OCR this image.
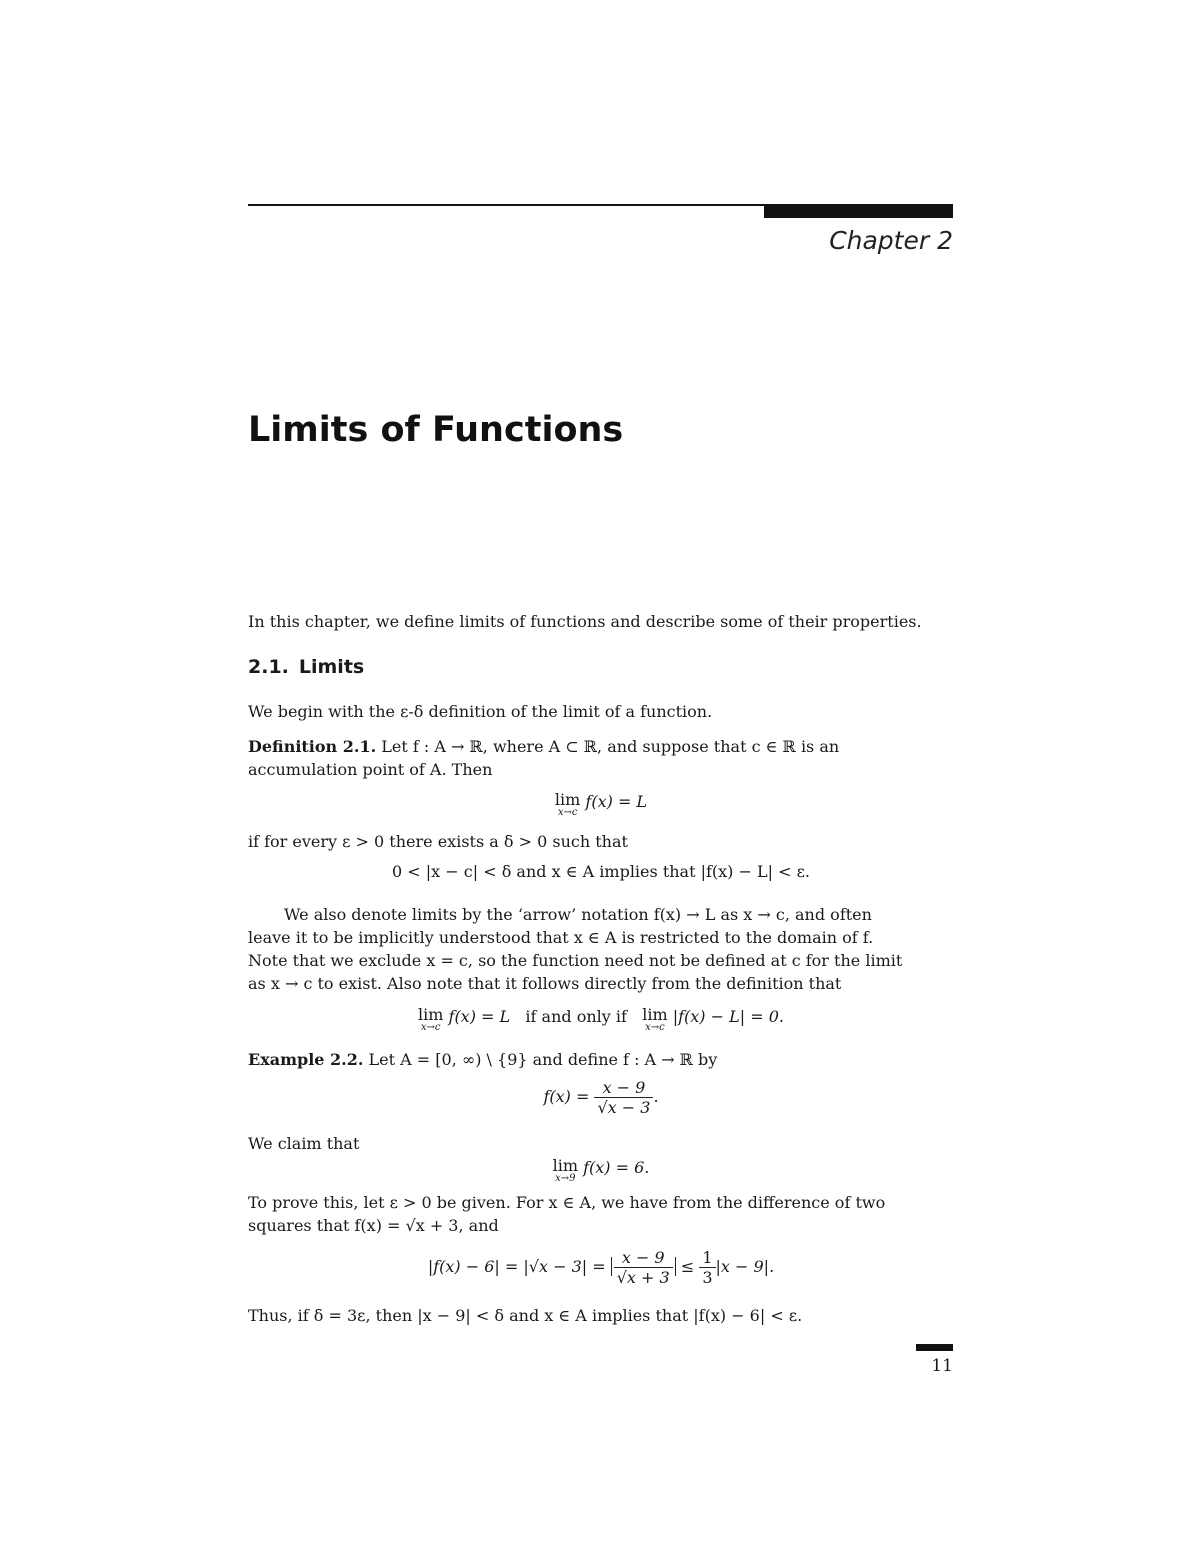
Chapter 2
Limits of Functions
In this chapter, we define limits of functions and describe some of their properties.
2.1. Limits
We begin with the ε-δ definition of the limit of a function.
Definition 2.1. Let f : A → ℝ, where A ⊂ ℝ, and suppose that c ∈ ℝ is an
accumulation point of A. Then
lim
x→c
f(x) = L
if for every ε > 0 there exists a δ > 0 such that
0 < |x − c| < δ and x ∈ A implies that |f(x) − L| < ε.
We also denote limits by the ‘arrow’ notation f(x) → L as x → c, and often
leave it to be implicitly understood that x ∈ A is restricted to the domain of f.
Note that we exclude x = c, so the function need not be defined at c for the limit
as x → c to exist. Also note that it follows directly from the definition that
lim
x→c
f(x) = L if and only if lim
x→c
|f(x) − L| = 0.
Example 2.2. Let A = [0, ∞) \ {9} and define f : A → ℝ by
$f(x) = \frac{x - 9}{√x - 3}$ .
We claim that
lim
x→9
f(x) = 6.
To prove this, let ε > 0 be given. For x ∈ A, we have from the difference of two
squares that f(x) = √x + 3, and
$|f(x) - 6| = |√x - 3| = \frac{x - 9}{√x + 3} \le \frac{1}{3} |x - 9|$.
Thus, if δ = 3ε, then |x − 9| < δ and x ∈ A implies that |f(x) − 6| < ε.
11
